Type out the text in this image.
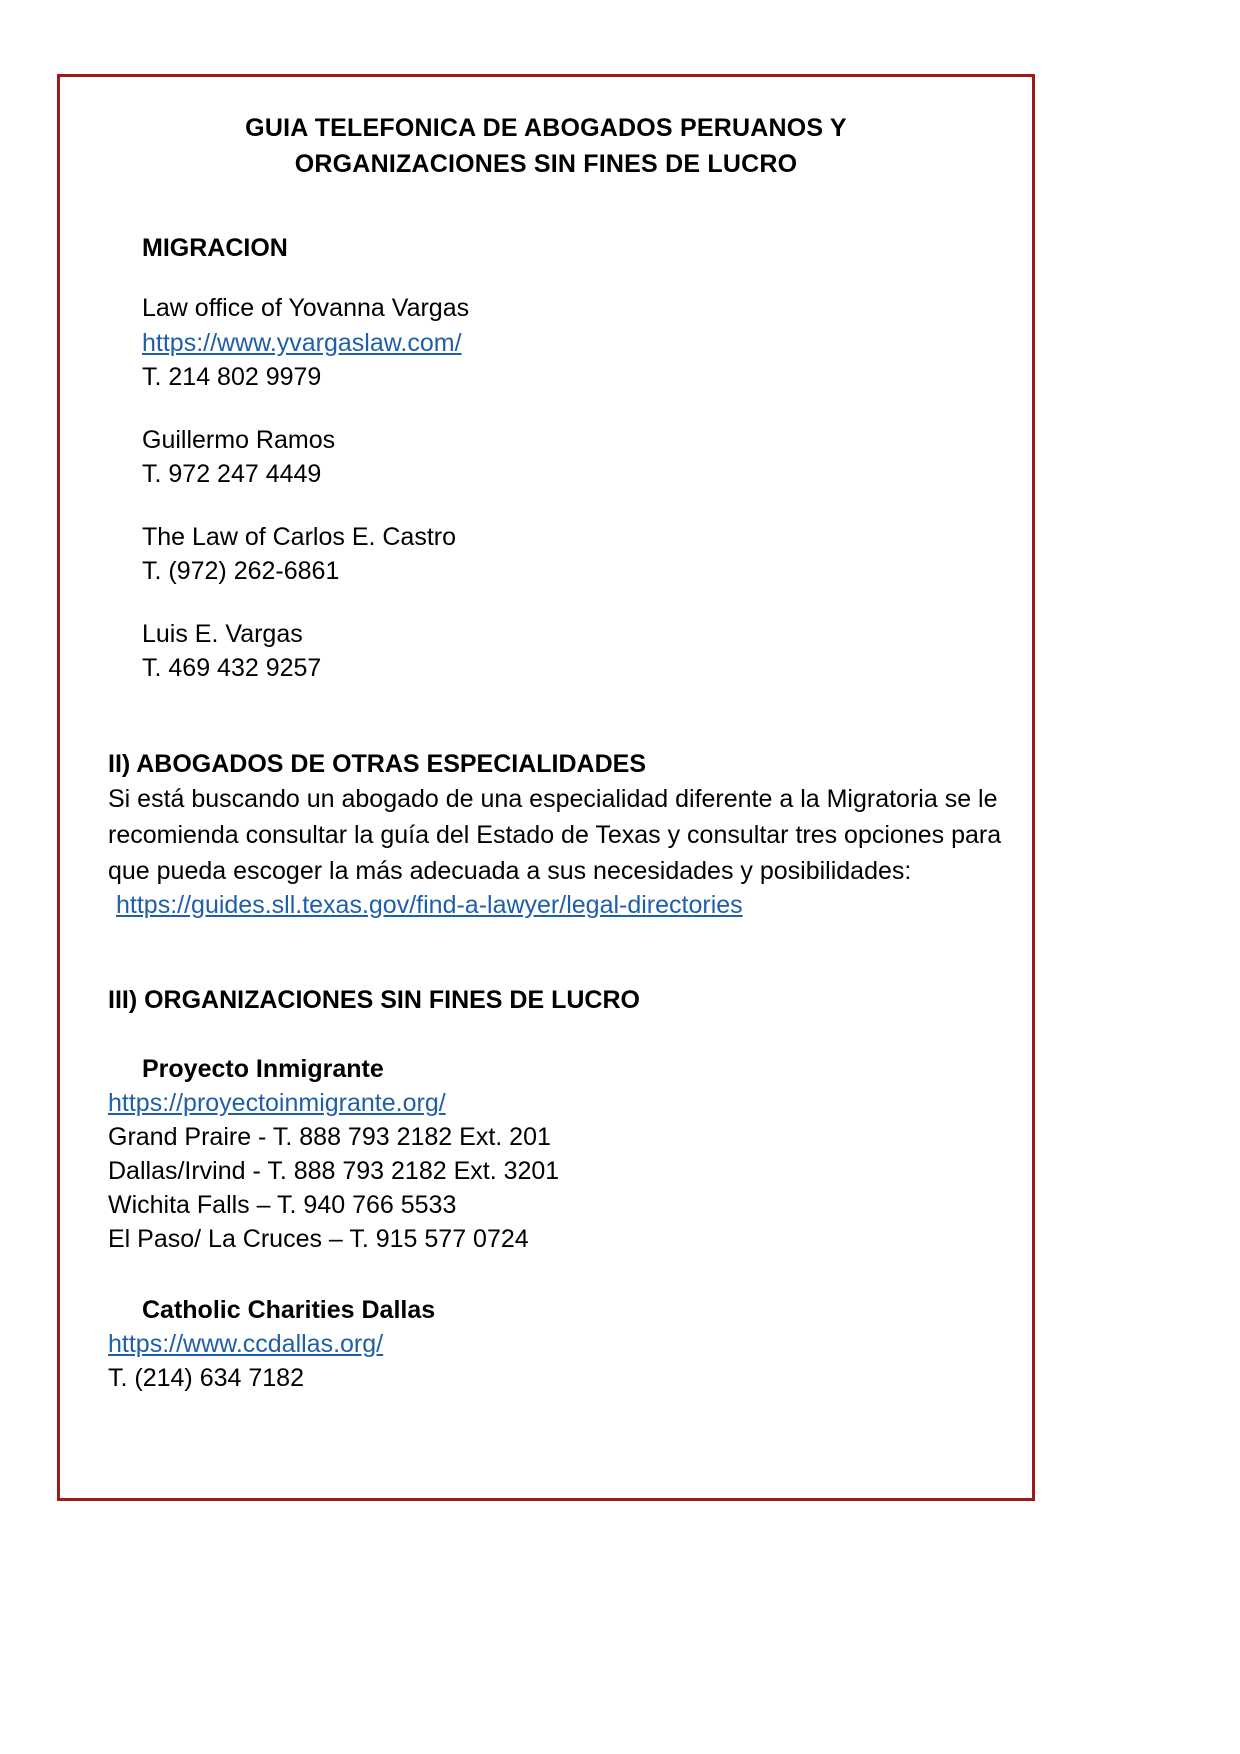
GUIA TELEFONICA DE ABOGADOS PERUANOS Y
ORGANIZACIONES SIN FINES DE LUCRO
MIGRACION
Law office of Yovanna Vargas
https://www.yvargaslaw.com/
T. 214 802 9979
Guillermo Ramos
T. 972 247 4449
The Law of Carlos E. Castro
T. (972) 262-6861
Luis E. Vargas
T. 469 432 9257
II) ABOGADOS DE OTRAS ESPECIALIDADES
Si está buscando un abogado de una especialidad diferente a la Migratoria se le
recomienda consultar la guía del Estado de Texas y consultar tres opciones para
que pueda escoger la más adecuada a sus necesidades y posibilidades:
https://guides.sll.texas.gov/find-a-lawyer/legal-directories
III) ORGANIZACIONES SIN FINES DE LUCRO
Proyecto Inmigrante
https://proyectoinmigrante.org/
Grand Praire - T. 888 793 2182 Ext. 201
Dallas/Irvind - T. 888 793 2182 Ext. 3201
Wichita Falls – T. 940 766 5533
El Paso/ La Cruces – T. 915 577 0724
Catholic Charities Dallas
https://www.ccdallas.org/
T. (214) 634 7182
